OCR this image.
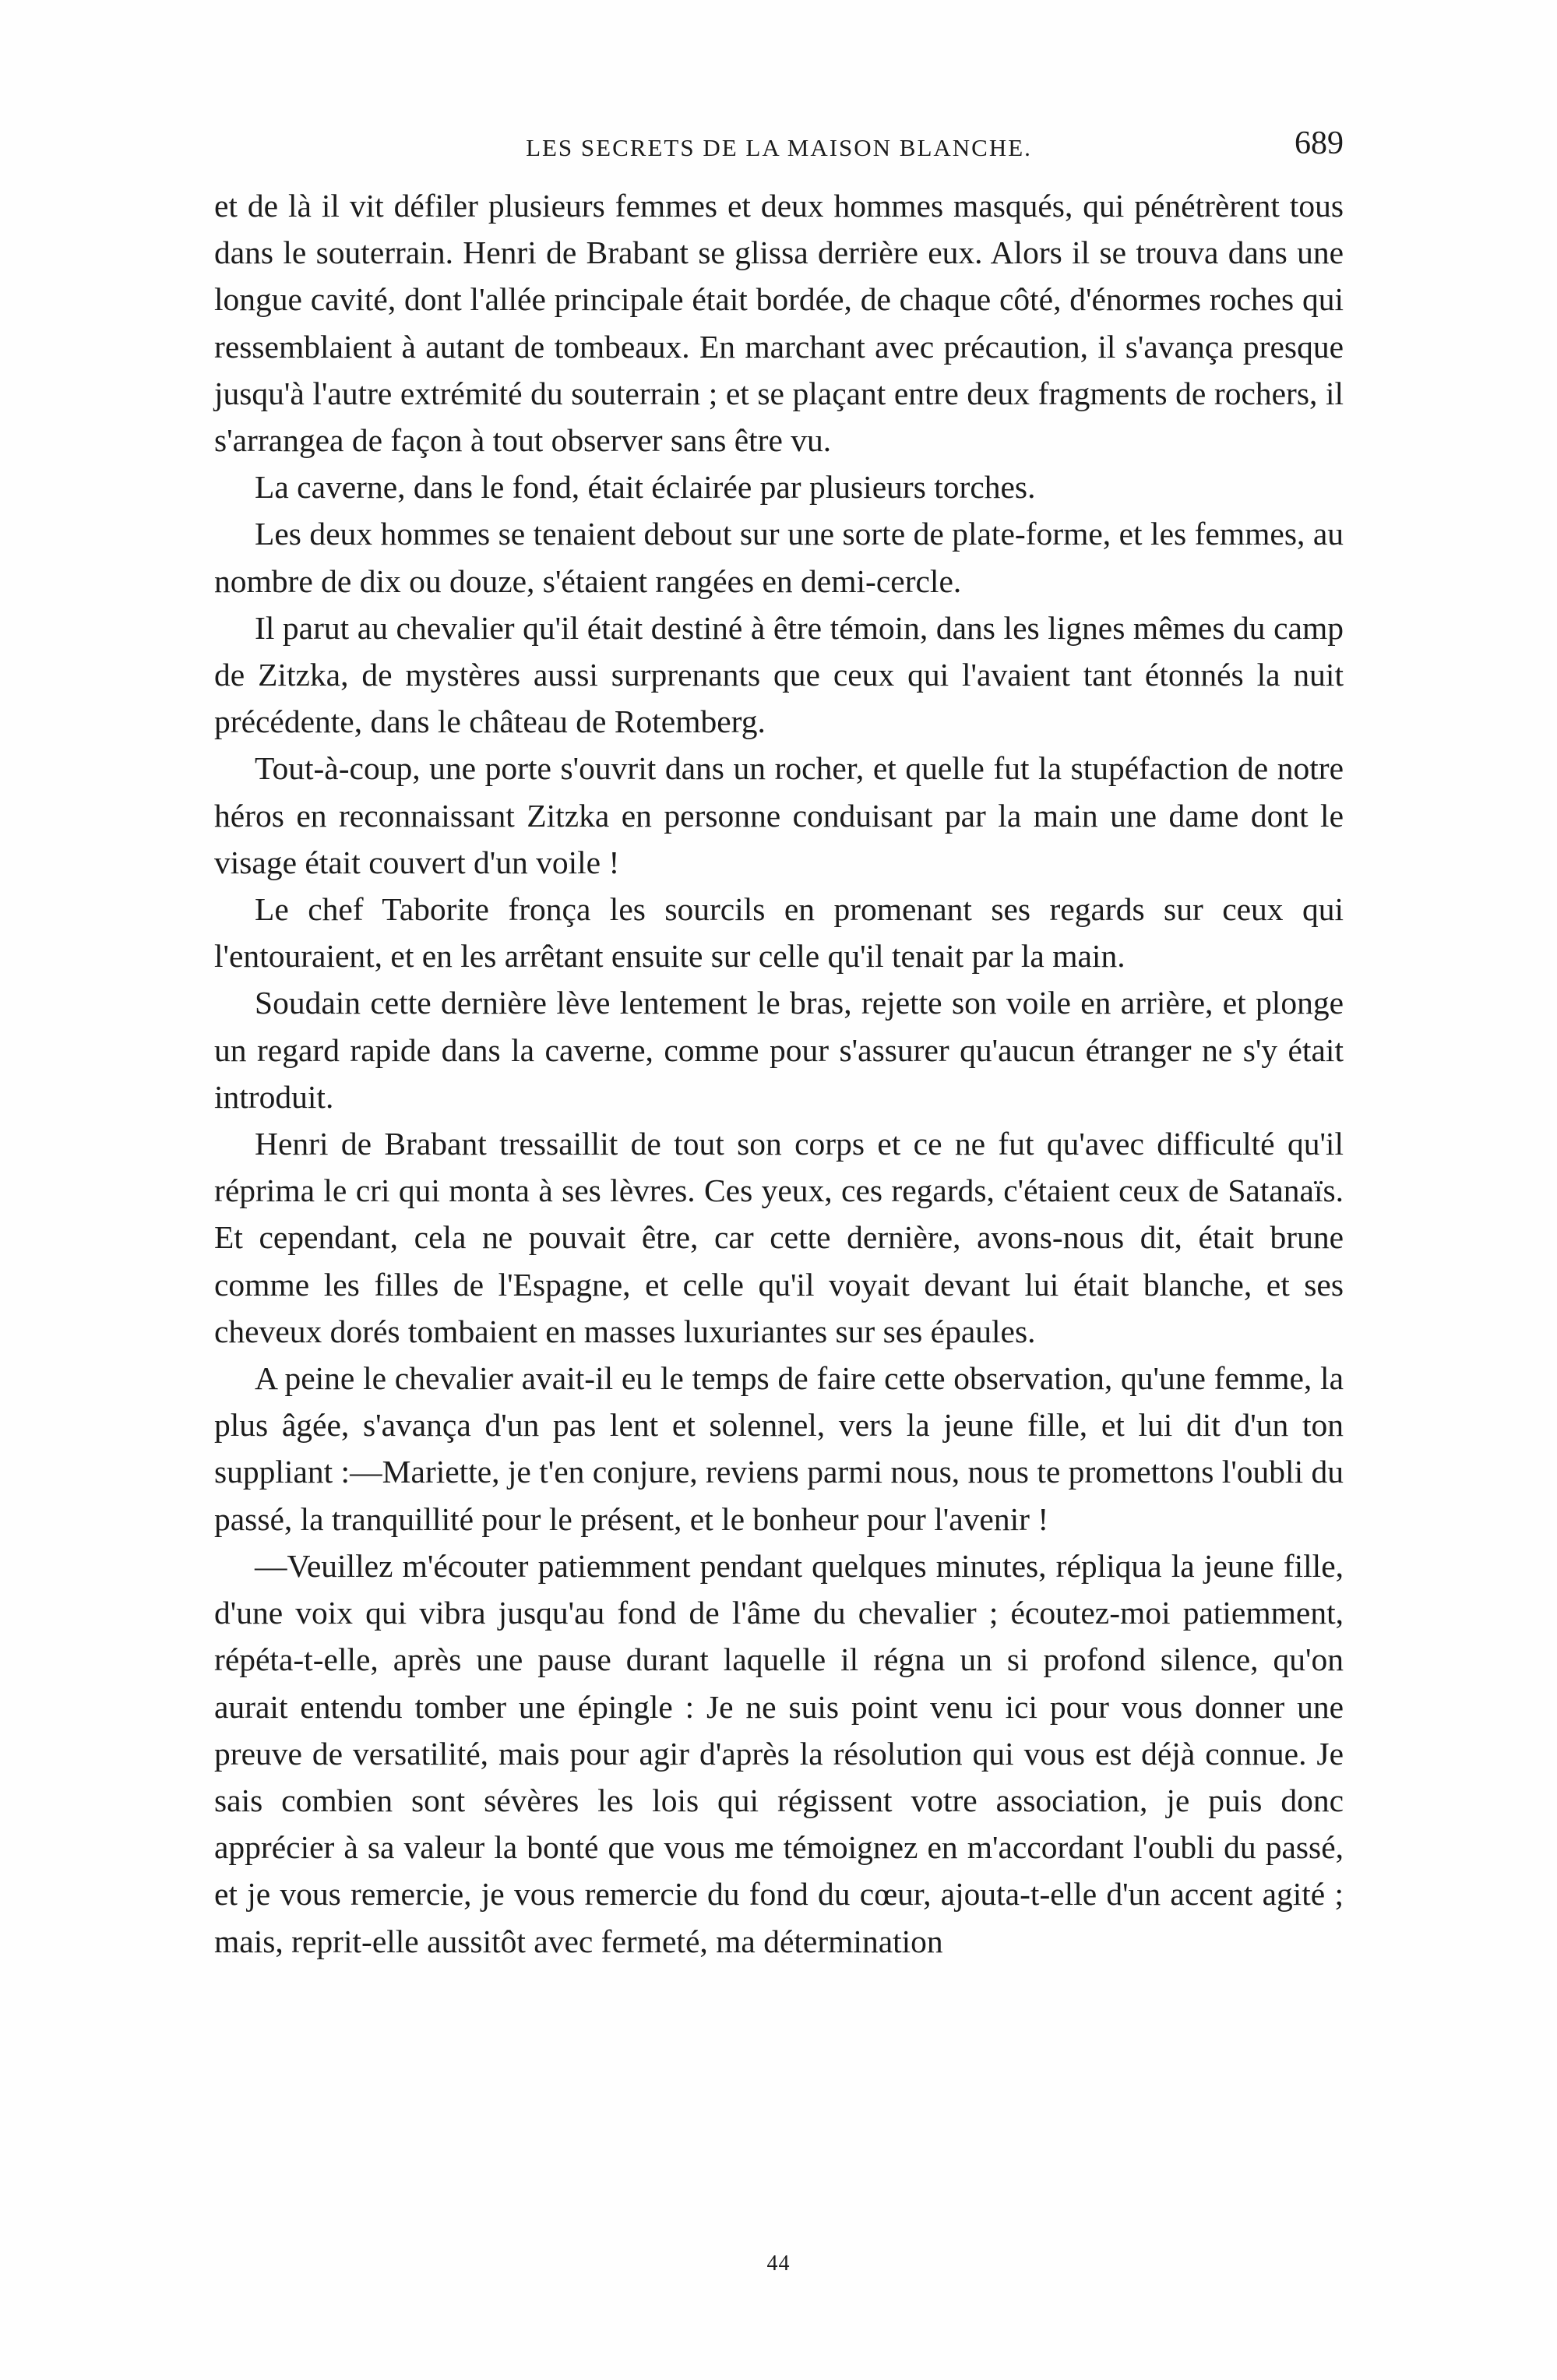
LES SECRETS DE LA MAISON BLANCHE.	689

et de là il vit défiler plusieurs femmes et deux hommes masqués, qui pénétrèrent tous dans le souterrain. Henri de Brabant se glissa derrière eux. Alors il se trouva dans une longue cavité, dont l'allée principale était bordée, de chaque côté, d'énormes roches qui ressemblaient à autant de tombeaux. En marchant avec précaution, il s'avança presque jusqu'à l'autre extrémité du souterrain ; et se plaçant entre deux fragments de rochers, il s'arrangea de façon à tout observer sans être vu.

La caverne, dans le fond, était éclairée par plusieurs torches.

Les deux hommes se tenaient debout sur une sorte de plate-forme, et les femmes, au nombre de dix ou douze, s'étaient rangées en demi-cercle.

Il parut au chevalier qu'il était destiné à être témoin, dans les lignes mêmes du camp de Zitzka, de mystères aussi surprenants que ceux qui l'avaient tant étonnés la nuit précédente, dans le château de Rotemberg.

Tout-à-coup, une porte s'ouvrit dans un rocher, et quelle fut la stupéfaction de notre héros en reconnaissant Zitzka en personne conduisant par la main une dame dont le visage était couvert d'un voile !

Le chef Taborite fronça les sourcils en promenant ses regards sur ceux qui l'entouraient, et en les arrêtant ensuite sur celle qu'il tenait par la main.

Soudain cette dernière lève lentement le bras, rejette son voile en arrière, et plonge un regard rapide dans la caverne, comme pour s'assurer qu'aucun étranger ne s'y était introduit.

Henri de Brabant tressaillit de tout son corps et ce ne fut qu'avec difficulté qu'il réprima le cri qui monta à ses lèvres. Ces yeux, ces regards, c'étaient ceux de Satanaïs. Et cependant, cela ne pouvait être, car cette dernière, avons-nous dit, était brune comme les filles de l'Espagne, et celle qu'il voyait devant lui était blanche, et ses cheveux dorés tombaient en masses luxuriantes sur ses épaules.

A peine le chevalier avait-il eu le temps de faire cette observation, qu'une femme, la plus âgée, s'avança d'un pas lent et solennel, vers la jeune fille, et lui dit d'un ton suppliant :—Mariette, je t'en conjure, reviens parmi nous, nous te promettons l'oubli du passé, la tranquillité pour le présent, et le bonheur pour l'avenir !

—Veuillez m'écouter patiemment pendant quelques minutes, répliqua la jeune fille, d'une voix qui vibra jusqu'au fond de l'âme du chevalier ; écoutez-moi patiemment, répéta-t-elle, après une pause durant laquelle il régna un si profond silence, qu'on aurait entendu tomber une épingle : Je ne suis point venu ici pour vous donner une preuve de versatilité, mais pour agir d'après la résolution qui vous est déjà connue. Je sais combien sont sévères les lois qui régissent votre association, je puis donc apprécier à sa valeur la bonté que vous me témoignez en m'accordant l'oubli du passé, et je vous remercie, je vous remercie du fond du cœur, ajouta-t-elle d'un accent agité ; mais, reprit-elle aussitôt avec fermeté, ma détermination

44
